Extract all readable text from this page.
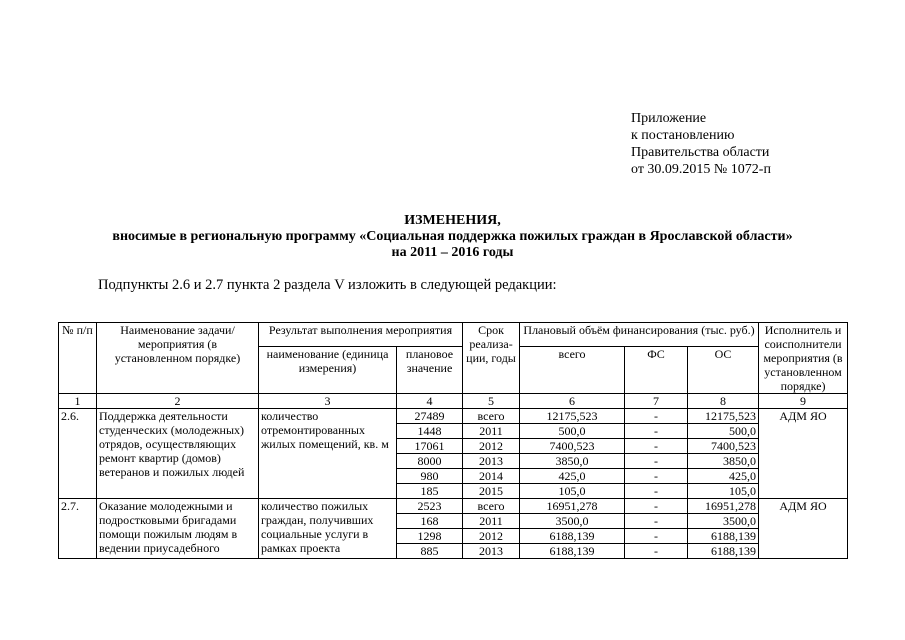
Приложение
к постановлению
Правительства области
от 30.09.2015 № 1072-п
ИЗМЕНЕНИЯ,
вносимые в региональную программу «Социальная поддержка пожилых граждан в Ярославской области»
на 2011 – 2016 годы
Подпункты 2.6 и 2.7 пункта 2 раздела V изложить в следующей редакции:
№ п/п	Наименование задачи/мероприятия (в установленном порядке)	Результат выполнения мероприятия		Срок реализа-ции, годы	Плановый объём финансирования (тыс. руб.)			Исполнитель и соисполнители мероприятия (в установленном порядке)
		наименование (единица измерения)	плановое значение		всего	ФС	ОС	
1	2	3	4	5	6	7	8	9
2.6.	Поддержка деятельности студенческих (молодежных) отрядов, осуществляющих ремонт квартир (домов) ветеранов и пожилых людей	количество отремонтированных жилых помещений, кв. м	27489	всего	12175,523	-	12175,523	АДМ ЯО
			1448	2011	500,0	-	500,0	
			17061	2012	7400,523	-	7400,523	
			8000	2013	3850,0	-	3850,0	
			980	2014	425,0	-	425,0	
			185	2015	105,0	-	105,0	
2.7.	Оказание молодежными и подростковыми бригадами помощи пожилым людям в ведении приусадебного	количество пожилых граждан, получивших социальные услуги в рамках проекта	2523	всего	16951,278	-	16951,278	АДМ ЯО
			168	2011	3500,0	-	3500,0	
			1298	2012	6188,139	-	6188,139	
			885	2013	6188,139	-	6188,139	
